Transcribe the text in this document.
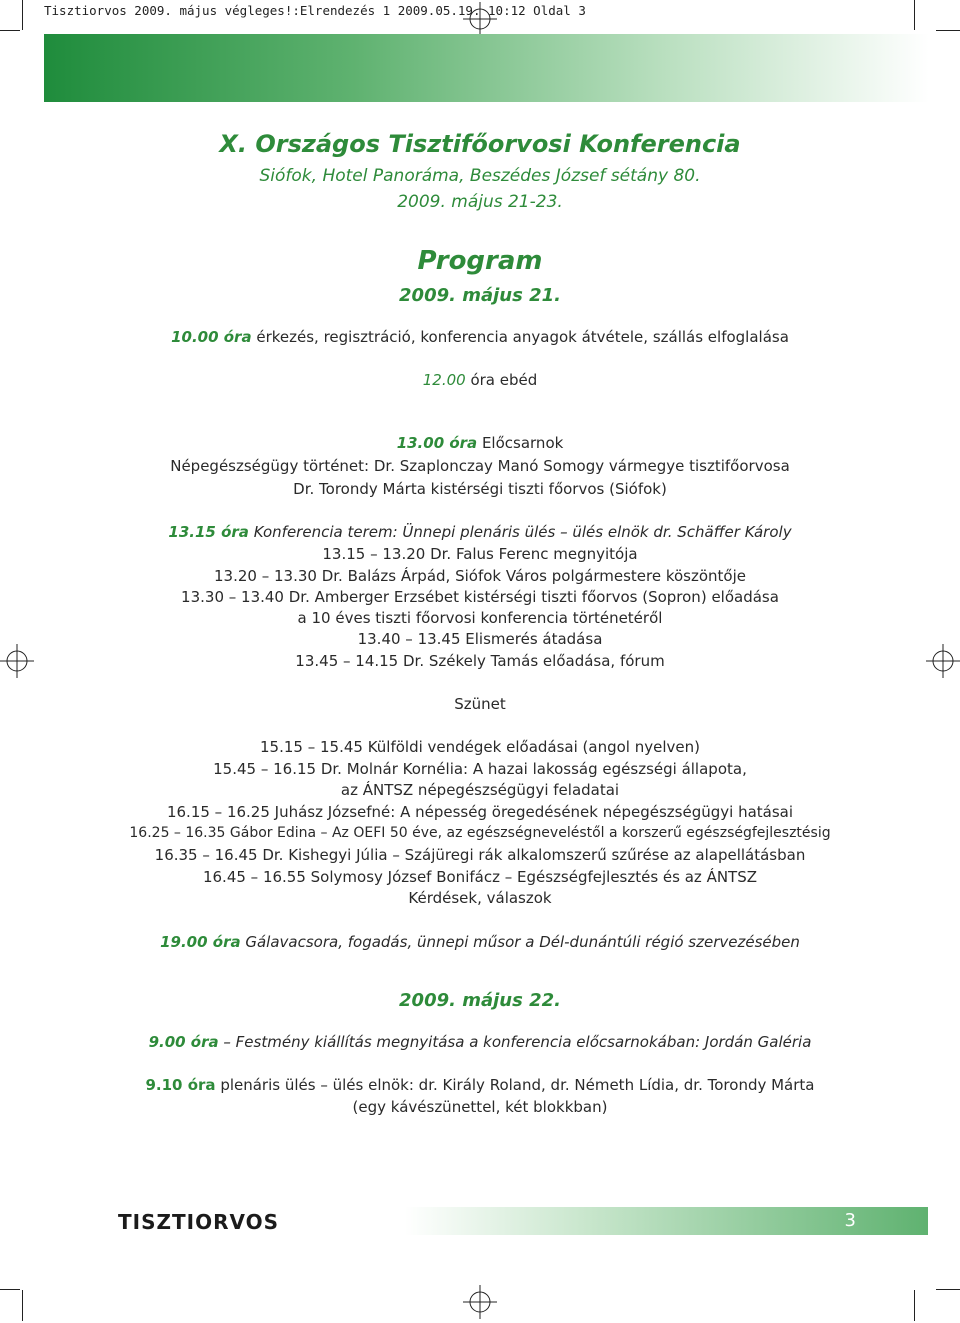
Tisztiorvos 2009. május végleges!:Elrendezés 1 2009.05.19. 10:12 Oldal 3
X. Országos Tisztifőorvosi Konferencia
Siófok, Hotel Panoráma, Beszédes József sétány 80.
2009. május 21-23.
Program
2009. május 21.
10.00 óra érkezés, regisztráció, konferencia anyagok átvétele, szállás elfoglalása
12.00 óra ebéd
13.00 óra Előcsarnok
Népegészségügy történet: Dr. Szaplonczay Manó Somogy vármegye tisztifőorvosa
Dr. Torondy Márta kistérségi tiszti főorvos (Siófok)
13.15 óra Konferencia terem: Ünnepi plenáris ülés – ülés elnök dr. Schäffer Károly
13.15 – 13.20 Dr. Falus Ferenc megnyitója
13.20 – 13.30 Dr. Balázs Árpád, Siófok Város polgármestere köszöntője
13.30 – 13.40 Dr. Amberger Erzsébet kistérségi tiszti főorvos (Sopron) előadása
a 10 éves tiszti főorvosi konferencia történetéről
13.40 – 13.45 Elismerés átadása
13.45 – 14.15 Dr. Székely Tamás előadása, fórum
Szünet
15.15 – 15.45 Külföldi vendégek előadásai (angol nyelven)
15.45 – 16.15 Dr. Molnár Kornélia: A hazai lakosság egészségi állapota,
az ÁNTSZ népegészségügyi feladatai
16.15 – 16.25 Juhász Józsefné: A népesség öregedésének népegészségügyi hatásai
16.25 – 16.35 Gábor Edina – Az OEFI 50 éve, az egészségneveléstől a korszerű egészségfejlesztésig
16.35 – 16.45 Dr. Kishegyi Júlia – Szájüregi rák alkalomszerű szűrése az alapellátásban
16.45 – 16.55 Solymosy József Bonifácz – Egészségfejlesztés és az ÁNTSZ
Kérdések, válaszok
19.00 óra Gálavacsora, fogadás, ünnepi műsor a Dél-dunántúli régió szervezésében
2009. május 22.
9.00 óra – Festmény kiállítás megnyitása a konferencia előcsarnokában: Jordán Galéria
9.10 óra plenáris ülés – ülés elnök: dr. Király Roland, dr. Németh Lídia, dr. Torondy Márta
(egy kávészünettel, két blokkban)
TISZTIORVOS	3
